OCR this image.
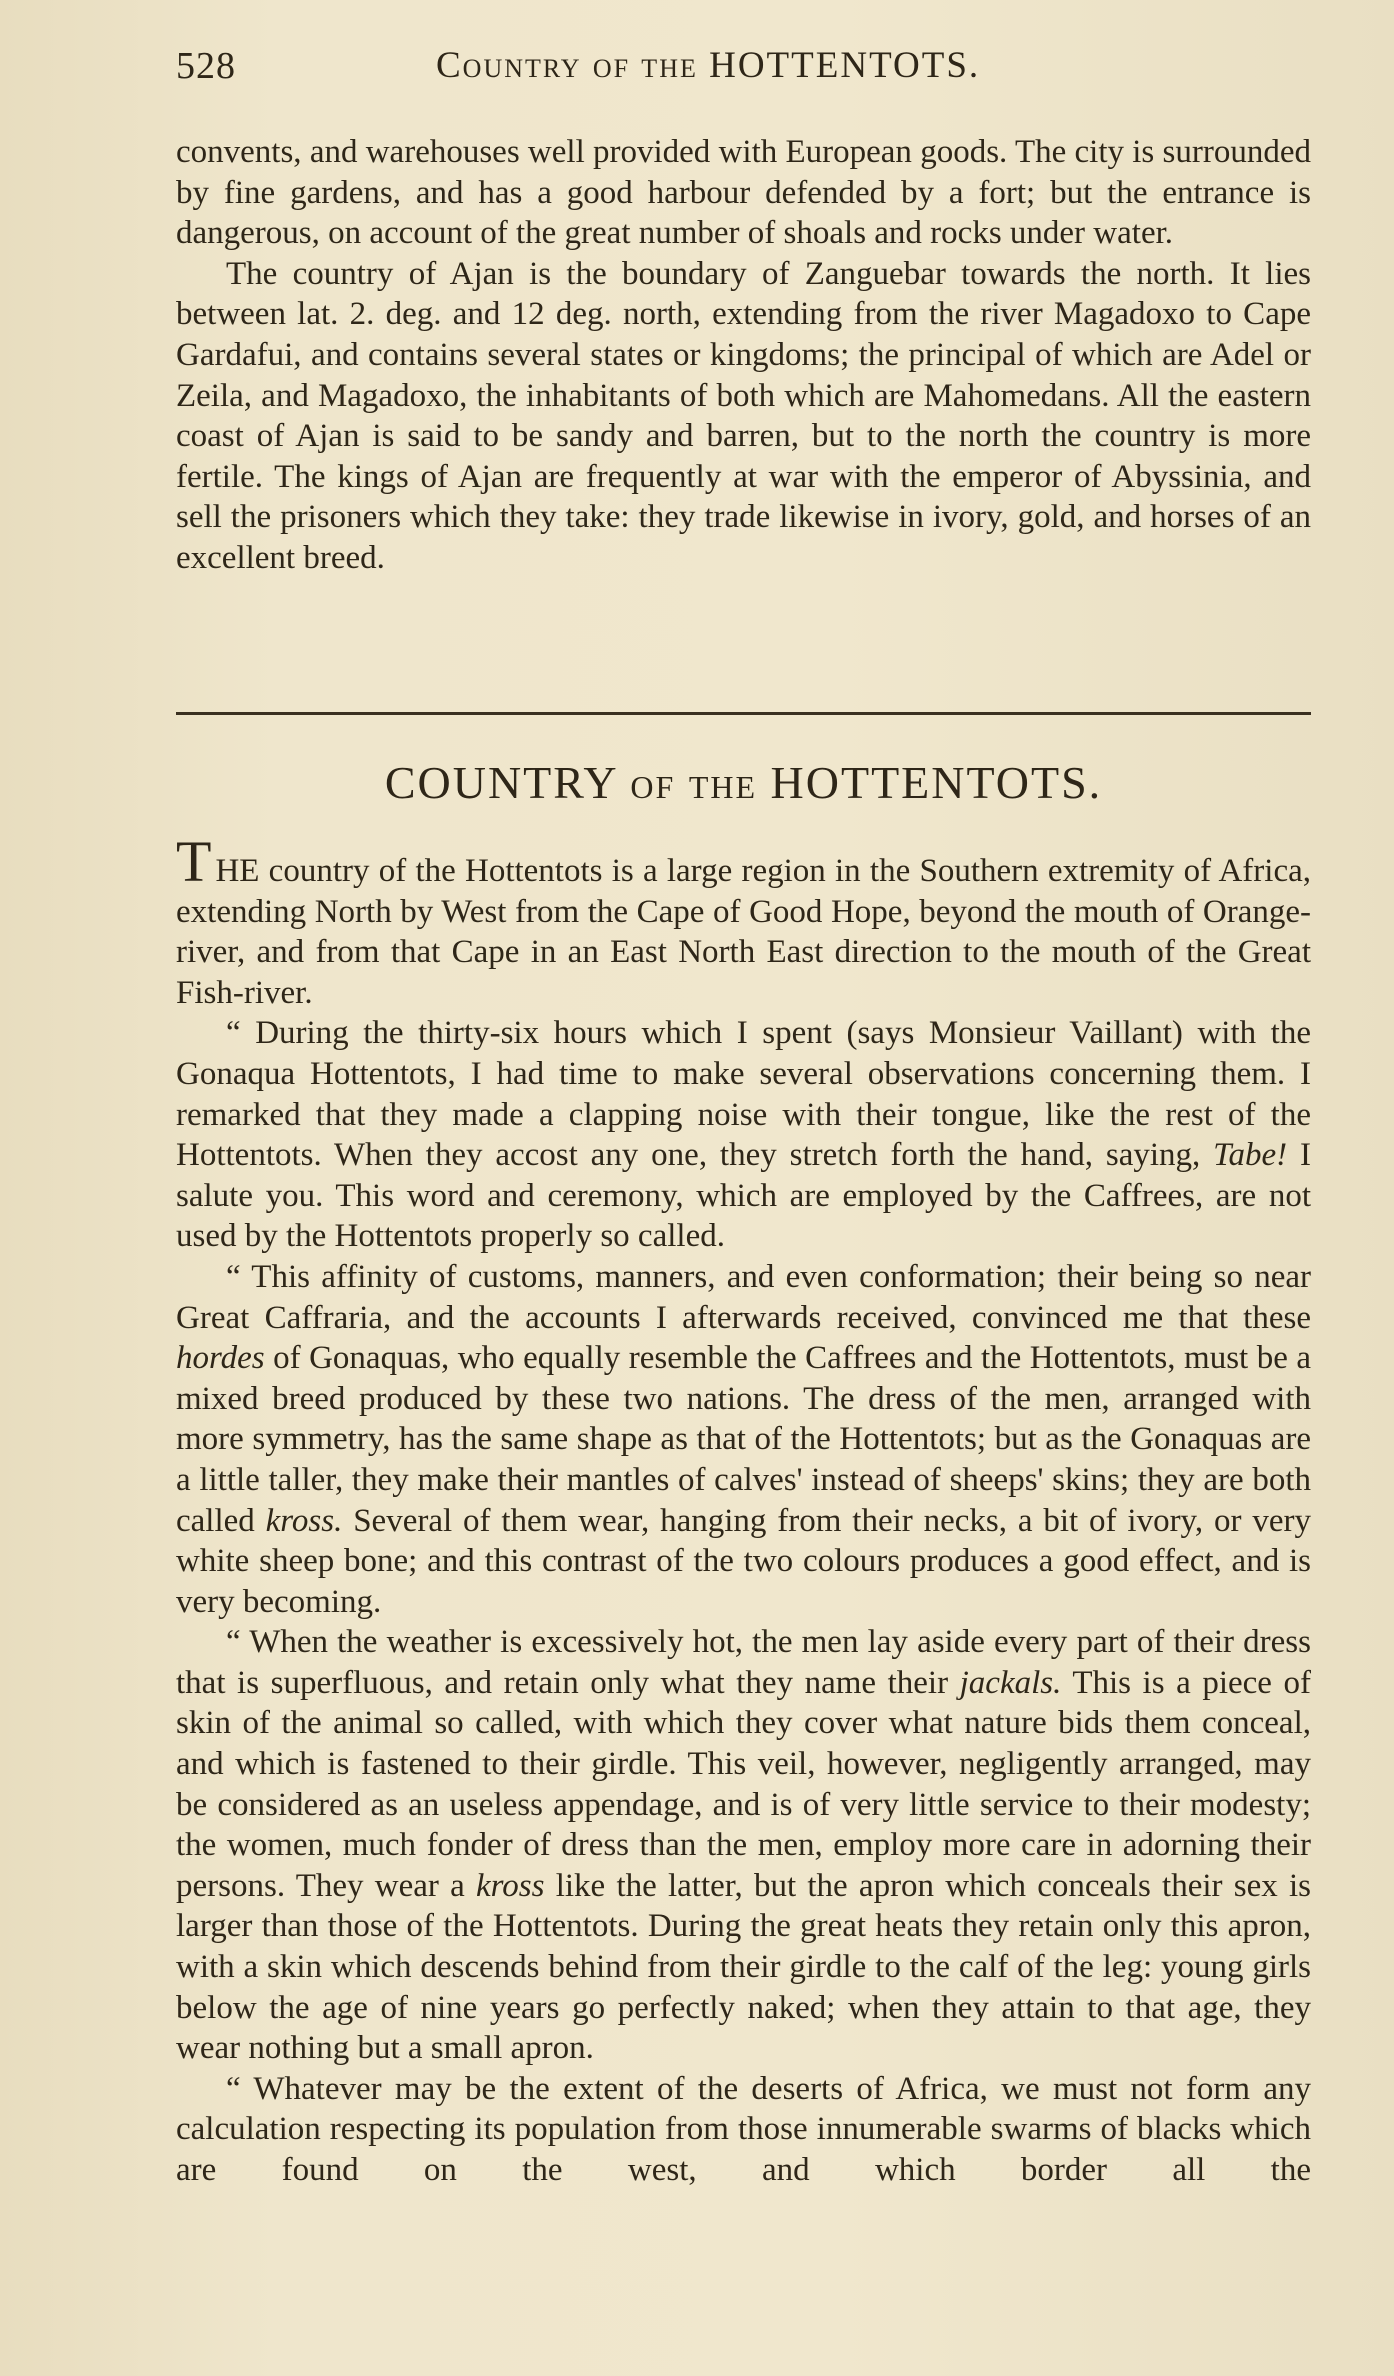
528	Country of the HOTTENTOTS.

convents, and warehouses well provided with European goods. The city is surrounded by fine gardens, and has a good harbour defended by a fort; but the entrance is dangerous, on account of the great number of shoals and rocks under water.

The country of Ajan is the boundary of Zanguebar towards the north. It lies between lat. 2. deg. and 12 deg. north, extending from the river Magadoxo to Cape Gardafui, and contains several states or kingdoms; the principal of which are Adel or Zeila, and Magadoxo, the inhabitants of both which are Mahomedans. All the eastern coast of Ajan is said to be sandy and barren, but to the north the country is more fertile. The kings of Ajan are frequently at war with the emperor of Abyssinia, and sell the prisoners which they take: they trade likewise in ivory, gold, and horses of an excellent breed.

COUNTRY of the HOTTENTOTS.

THE country of the Hottentots is a large region in the Southern extremity of Africa, extending North by West from the Cape of Good Hope, beyond the mouth of Orange-river, and from that Cape in an East North East direction to the mouth of the Great Fish-river.

“ During the thirty-six hours which I spent (says Monsieur Vaillant) with the Gonaqua Hottentots, I had time to make several observations concerning them. I remarked that they made a clapping noise with their tongue, like the rest of the Hottentots. When they accost any one, they stretch forth the hand, saying, Tabe! I salute you. This word and ceremony, which are employed by the Caffrees, are not used by the Hottentots properly so called.

“ This affinity of customs, manners, and even conformation; their being so near Great Caffraria, and the accounts I afterwards received, convinced me that these hordes of Gonaquas, who equally resemble the Caffrees and the Hottentots, must be a mixed breed produced by these two nations. The dress of the men, arranged with more symmetry, has the same shape as that of the Hottentots; but as the Gonaquas are a little taller, they make their mantles of calves' instead of sheeps' skins; they are both called kross. Several of them wear, hanging from their necks, a bit of ivory, or very white sheep bone; and this contrast of the two colours produces a good effect, and is very becoming.

“ When the weather is excessively hot, the men lay aside every part of their dress that is superfluous, and retain only what they name their jackals. This is a piece of skin of the animal so called, with which they cover what nature bids them conceal, and which is fastened to their girdle. This veil, however, negligently arranged, may be considered as an useless appendage, and is of very little service to their modesty; the women, much fonder of dress than the men, employ more care in adorning their persons. They wear a kross like the latter, but the apron which conceals their sex is larger than those of the Hottentots. During the great heats they retain only this apron, with a skin which descends behind from their girdle to the calf of the leg: young girls below the age of nine years go perfectly naked; when they attain to that age, they wear nothing but a small apron.

“ Whatever may be the extent of the deserts of Africa, we must not form any calculation respecting its population from those innumerable swarms of blacks which are found on the west, and which border all the
